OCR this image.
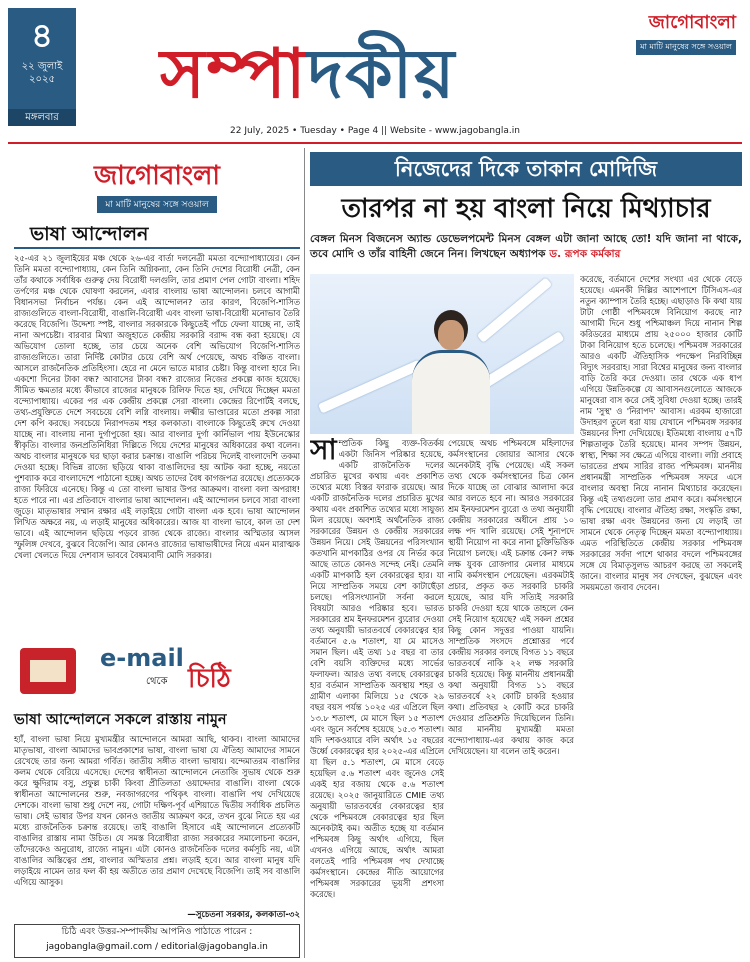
৪
২২ জুলাই ২০২৫
মঙ্গলবার
সম্পাদকীয়
জাগোবাংলা
মা মাটি মানুষের সঙ্গে সওয়াল
22 July, 2025 • Tuesday • Page 4 || Website - www.jagobangla.in
জাগোবাংলা
মা মাটি মানুষের সঙ্গে সওয়াল
ভাষা আন্দোলন
২৫-এর ২১ জুলাইয়ের মঞ্চ থেকে ২৬-এর বার্তা দলনেত্রী মমতা বন্দ্যোপাধ্যায়ের। কেন তিনি মমতা বন্দ্যোপাধ্যায়, কেন তিনি অগ্নিকন্যা, কেন তিনি দেশের বিরোধী নেত্রী, কেন তাঁর কথাকে সর্বাধিক গুরুত্ব দেয় বিরোধী দলগুলি, তার প্রমাণ পেল গোটা বাংলা। শহিদ তর্পণের মঞ্চ থেকে ঘোষণা করলেন, এবার বাংলায় ভাষা আন্দোলন। চলবে আগামী বিধানসভা নির্বাচন পর্যন্ত। কেন এই আন্দোলন? তার কারণ, বিজেপি-শাসিত রাজ্যগুলিতে বাংলা-বিরোধী, বাঙালি-বিরোধী এবং বাংলা ভাষা-বিরোধী মনোভাব তৈরি করেছে বিজেপি। উদ্দেশ্য স্পষ্ট, বাংলার সরকারকে কিছুতেই পাঁচে ফেলা যাচ্ছে না, তাই নানা অপচেষ্টা। বারবার মিথ্যা অজুহাতে কেন্দ্রীয় সরকারি বরাদ্দ বন্ধ করা হয়েছে। যে অভিযোগ তোলা হচ্ছে, তার চেয়ে অনেক বেশি অভিযোগ বিজেপি-শাসিত রাজ্যগুলিতে। তারা নির্দিষ্ট কোটার চেয়ে বেশি অর্থ পেয়েছে, অথচ বঞ্চিত বাংলা। আসলে রাজনৈতিক প্রতিহিংসা। হেরে না মেনে ভাতে মারার চেষ্টা। কিন্তু বাংলা হারে নি। একশো দিনের টাকা বন্ধ? আবাসের টাকা বন্ধ? রাজ্যের নিজের প্রকল্পে কাজ হয়েছে। সীমিত ক্ষমতার মধ্যে কীভাবে রাজ্যের মানুষকে রিলিফ দিতে হয়, দেখিয়ে দিচ্ছেন মমতা বন্দ্যোপাধ্যায়। একের পর এক কেন্দ্রীয় প্রকল্পে সেরা বাংলা। কেন্দ্রের রিপোর্টই বলছে, তথ্য-প্রযুক্তিতে দেশে সবচেয়ে বেশি লগ্নি বাংলায়। লক্ষ্মীর ভাণ্ডারের মতো প্রকল্প সারা দেশ কপি করছে। সবচেয়ে নিরাপদতম শহর কলকাতা। বাংলাকে কিছুতেই রুখে দেওয়া যাচ্ছে না। বাংলায় নানা দুর্গাপুজো হয়। আর বাংলার দুর্গা কার্নিভাল পায় ইউনেস্কোর স্বীকৃতি। বাংলার জনপ্রতিনিধিরা দিল্লিতে গিয়ে দেশের মানুষের অধিকারের কথা বলেন। অথচ বাংলার মানুষকে ঘর ছাড়া করার চক্রান্ত। বাঙালি পরিচয় দিলেই বাংলাদেশি তকমা দেওয়া হচ্ছে। বিভিন্ন রাজ্যে ছড়িয়ে থাকা বাঙালিদের হয় আটক করা হচ্ছে, নয়তো পুশব্যাক করে বাংলাদেশে পাঠানো হচ্ছে। অথচ তাদের বৈধ কাগজপত্র রয়েছে। প্রত্যেককে রাজ্য ফিরিয়ে এনেছে। কিন্তু এ তো বাংলা ভাষার উপর আক্রমণ। বাংলা বলা অপরাধ! হতে পারে না। এর প্রতিবাদে বাংলার ভাষা আন্দোলন। এই আন্দোলন চলবে সারা বাংলা জুড়ে। মাতৃভাষার সম্মান রক্ষার এই লড়াইয়ে গোটা বাংলা এক হবে। ভাষা আন্দোলন লিখিত অক্ষরে নয়, এ লড়াই মানুষের অধিকারের। আজ যা বাংলা ভাবে, কাল তা দেশ ভাবে। এই আন্দোলন ছড়িয়ে পড়বে রাজ্য থেকে রাজ্যে। বাংলার অস্মিতার আসল স্ফুলিঙ্গ দেখবে, বুঝবে বিজেপি। আর কোনও রাজ্যের ভাষাভাষীদের নিয়ে এমন মারাত্মক খেলা খেলতে দিয়ে দেশবাস ভাববে বৈষম্যবাদী মোদি সরকার।
e-mail
থেকে চিঠি
ভাষা আন্দোলনে সকলে রাস্তায় নামুন
হ্যাঁ, বাংলা ভাষা নিয়ে মুখ্যমন্ত্রীর আন্দোলনে আমরা আছি, থাকব। বাংলা আমাদের মাতৃভাষা, বাংলা আমাদের ভাবপ্রকাশের ভাষা, বাংলা ভাষা যে ঐতিহ্য আমাদের সামনে রেখেছে তার জন্য আমরা গর্বিত। জাতীয় সঙ্গীত বাংলা ভাষায়। বন্দেমাতরম বাঙালির কলম থেকে বেরিয়ে এসেছে। দেশের স্বাধীনতা আন্দোলনে নেতাজি সুভাষ থেকে শুরু করে ক্ষুদিরাম বসু, প্রফুল্ল চাকী কিংবা প্রীতিলতা ওয়াদ্দেদার বাঙালি। বাংলা থেকে স্বাধীনতা আন্দোলনের শুরু, নবজাগরণের পথিকৃৎ বাংলা। বাঙালি পথ দেখিয়েছে দেশকে। বাংলা ভাষা শুধু দেশে নয়, গোটা দক্ষিণ-পূর্ব এশিয়াতে দ্বিতীয় সর্বাধিক প্রচলিত ভাষা। সেই ভাষার উপর যখন কোনও জাতীয় আক্রমণ করে, তখন বুঝে নিতে হয় এর মধ্যে রাজনৈতিক চক্রান্ত রয়েছে। তাই বাঙালি হিসাবে এই আন্দোলনে প্রত্যেকটি বাঙালির রাস্তায় নামা উচিত। যে সমস্ত বিরোধীরা রাজ্য সরকারের সমালোচনা করেন, তাঁদেরকেও অনুরোধ, রাজ্যে নামুন। এটা কোনও রাজনৈতিক দলের কর্মসূচি নয়, এটা বাঙালির অস্তিত্বের প্রশ্ন, বাংলার অস্মিতার প্রশ্ন। লড়াই হবে। আর বাংলা মানুষ যদি লড়াইয়ে নামেন তার ফল কী হয় অতীতে তার প্রমাণ দেখেছে বিজেপি। তাই সব বাঙালি এগিয়ে আসুক।
—সুচেতনা সরকার, কলকাতা-৩২
চিঠি এবং উত্তর-সম্পাদকীয় আপনিও পাঠাতে পারেন :
jagobangla@gmail.com / editorial@jagobangla.in
নিজেদের দিকে তাকান মোদিজি
তারপর না হয় বাংলা নিয়ে মিথ্যাচার
বেঙ্গল মিনস বিজনেস অ্যান্ড ডেভেলপমেন্ট মিনস বেঙ্গল এটা জানা আছে তো! যদি জানা না থাকে, তবে মোদি ও তাঁর বাহিনী জেনে নিন। লিখছেন অধ্যাপক ড. রূপক কর্মকার
সাম্প্রতিক কিছু ব্যক্ত-বিতর্কয় একটা জিনিস পরিষ্কার হয়েছে, একটি রাজনৈতিক দলের প্রচারিত মুখের কথায় এবং প্রকাশিত তথ্যের মধ্যে বিস্তর ফারাক রয়েছে। আর একটি রাজনৈতিক দলের প্রচারিত মুখের কথায় এবং প্রকাশিত তথ্যের মধ্যে সাযুজ্য মিল রয়েছে। অবশ্যই অর্থনৈতিক রাজ্য সরকারের উন্নয়ন ও কেন্দ্রীয় সরকারের উন্নয়ন নিয়ে। সেই উন্নয়নের পরিসংখ্যান কতখানি মাপকাঠির ওপর যে নির্ভর করে আছে তাতে কোনও সন্দেহ নেই। তেমনি একটি মাপকাঠি হল বেকারত্বের হার। যা নিয়ে সাম্প্রতিক সময়ে বেশ কাটাছেঁড়া চলছে। পরিসংখ্যানটা সর্বনা করলে বিষয়টা আরও পরিষ্কার হবে। ভারত সরকারের শ্রম ইনফরমেশন ব্যুরোর দেওয়া তথ্য অনুযায়ী ভারতবর্ষে বেকারত্বের হার বর্তমানে ৫.৬ শতাংশ, যা মে মাসেও সমান ছিল। এই তথ্য ১৫ বছর বা তার বেশি বয়সি ব্যক্তিদের মধ্যে সার্ভের ফলাফল। আরও তথ্য বলছে বেকারত্বের হার বর্তমান সাম্প্রতিক অবস্থায় শহর ও গ্রামীণ এলাকা মিলিয়ে ১৫ থেকে ২৯ বছর বয়স পর্যন্ত ১০২৫ এর এপ্রিলে ছিল ১৩.৮ শতাংশ, মে মাসে ছিল ১৫ শতাংশ এবং জুনে সর্বশেষ হয়েছে ১৫.৩ শতাংশ। যদি দশকওয়ারে বলি অর্থাৎ ১৫ বছরের উর্ধ্বে বেকারত্বের হার ২০২৫-এর এপ্রিলে যা ছিল ৫.১ শতাংশ, মে মাসে বেড়ে হয়েছিল ৫.৬ শতাংশ এবং জুনেও সেই একই হার বজায় থেকে ৫.৬ শতাংশ রয়েছে। ২০২৫ জানুয়ারিতে CMIE তথ্য অনুযায়ী ভারতবর্ষের বেকারত্বের হার থেকে পশ্চিমবঙ্গে বেকারত্বের হার ছিল অনেকটাই কম। অতীত হচ্ছে যা বর্তমান পশ্চিমবঙ্গ কিছু অর্থাৎ এগিয়ে, ছিল এখনও এগিয়ে আছে, অর্থাৎ আমরা বলতেই পারি পশ্চিমবঙ্গ পথ দেখাচ্ছে কর্মসংস্থানে। কেন্দ্রের নীতি আয়োগের পশ্চিমবঙ্গ সরকারের ভূয়সী প্রশংসা করেছে।
পেয়েছে অথচ পশ্চিমবঙ্গে মহিলাদের কর্মসংস্থানের জোয়ার আসার থেকে অনেকটাই বৃদ্ধি পেয়েছে। এই সকল তথ্য থেকে কর্মসংস্থানের চিত্র কোন দিকে যাচ্ছে তা বোঝার আলাদা করে আর বলতে হবে না। আরও সরকারের শ্রম ইনফরমেশন ব্যুরো ও তথ্য অনুযায়ী কেন্দ্রীয় সরকারের অধীনে প্রায় ১০ লক্ষ পদ খালি রয়েছে। সেই শূন্যপদে স্থায়ী নিয়োগ না করে নানা চুক্তিভিত্তিক নিয়োগ চলছে। এই চক্রান্ত কেন? লক্ষ লক্ষ যুবক রোজগার মেলার মাধ্যমে নামি কর্মসংস্থান পেয়েছেন। এরকমটাই প্রচার, প্রকৃত কত সরকারি চাকরি হয়েছে, আর যদি সত্যিই সরকারি চাকরি দেওয়া হয়ে থাকে তাহলে কেন সেই নিয়োগ হয়েছে? এই সকল প্রশ্নের কিছু কোন সদুত্তর পাওয়া যায়নি। সাম্প্রতিক সংসদে প্রশ্নোত্তর পর্বে কেন্দ্রীয় সরকার বলছে বিগত ১১ বছরে ভারতবর্ষে নাকি ২২ লক্ষ সরকারি চাকরি হয়েছে। কিন্তু মাননীয় প্রধানমন্ত্রী কথা অনুযায়ী বিগত ১১ বছরে ভারতবর্ষে ২২ কোটি চাকরি হওয়ার কথা। প্রতিবছর ২ কোটি করে চাকরি দেওয়ার প্রতিশ্রুতি দিয়েছিলেন তিনি। আর মাননীয় মুখ্যমন্ত্রী মমতা বন্দ্যোপাধ্যায়-এর কথায় কাজ করে দেখিয়েছেন। যা বলেন তাই করেন।
করেছে, বর্তমানে দেশের সংখ্যা এর থেকে বেড়ে হয়েছে। এমনকী দিল্লির আশেপাশে টিসিএস-এর নতুন ক্যাম্পাস তৈরি হচ্ছে। এছাড়াও কি কথা যায় টাটা গোষ্ঠী পশ্চিমবঙ্গে বিনিয়োগ করছে না? আগামী দিনে শুধু পশ্চিমাঞ্চল দিয়ে নানান শিল্প করিডরের মাধ্যমে প্রায় ২৫০০০ হাজার কোটি টাকা বিনিয়োগ হতে চলেছে। পশ্চিমবঙ্গ সরকারের আরও একটি ঐতিহাসিক পদক্ষেপ নিরবিচ্ছিন্ন বিদ্যুৎ সরবরাহ। সারা বিশ্বের মানুষের জন্য বাংলার বাড়ি তৈরি করে দেওয়া। তার থেকে এক ধাপ এগিয়ে উন্নতিকল্পে যে আবাসনগুলোতে আজকে মানুষেরা বাস করে সেই সুবিধা দেওয়া হচ্ছে। তারই নাম 'সুস্থ' ও 'নিরাপদ' আবাস। এরকম হাজারো উদাহরণ তুলে ধরা যায় যেখানে পশ্চিমবঙ্গ সরকার উন্নয়নের দিশা দেখিয়েছে। ইতিমধ্যে বাংলায় ৫৭টি শিল্পতালুক তৈরি হয়েছে। মানব সম্পদ উন্নয়ন, স্বাস্থ্য, শিক্ষা সব ক্ষেত্রে এগিয়ে বাংলা। লগ্নি প্রবাহে ভারতের প্রথম সারির রাজ্য পশ্চিমবঙ্গ। মাননীয় প্রধানমন্ত্রী সাম্প্রতিক পশ্চিমবঙ্গ সফরে এসে বাংলার অবস্থা নিয়ে নানান মিথ্যাচার করেছেন। কিন্তু এই তথ্যগুলো তার প্রমাণ করে। কর্মসংস্থানে বৃদ্ধি পেয়েছে। বাংলার ঐতিহ্য রক্ষা, সংস্কৃতি রক্ষা, ভাষা রক্ষা এবং উন্নয়নের জন্য যে লড়াই তা সামনে থেকে নেতৃত্ব দিচ্ছেন মমতা বন্দ্যোপাধ্যায়। এমত পরিস্থিতিতে কেন্দ্রীয় সরকার পশ্চিমবঙ্গ সরকারের সর্বদা পাশে থাকার বদলে পশ্চিমবঙ্গের সঙ্গে যে বিমাতৃসুলভ আচরণ করছে তা সকলেই জানে। বাংলার মানুষ সব দেখছেন, বুঝছেন এবং সময়মতো জবাব দেবেন।
